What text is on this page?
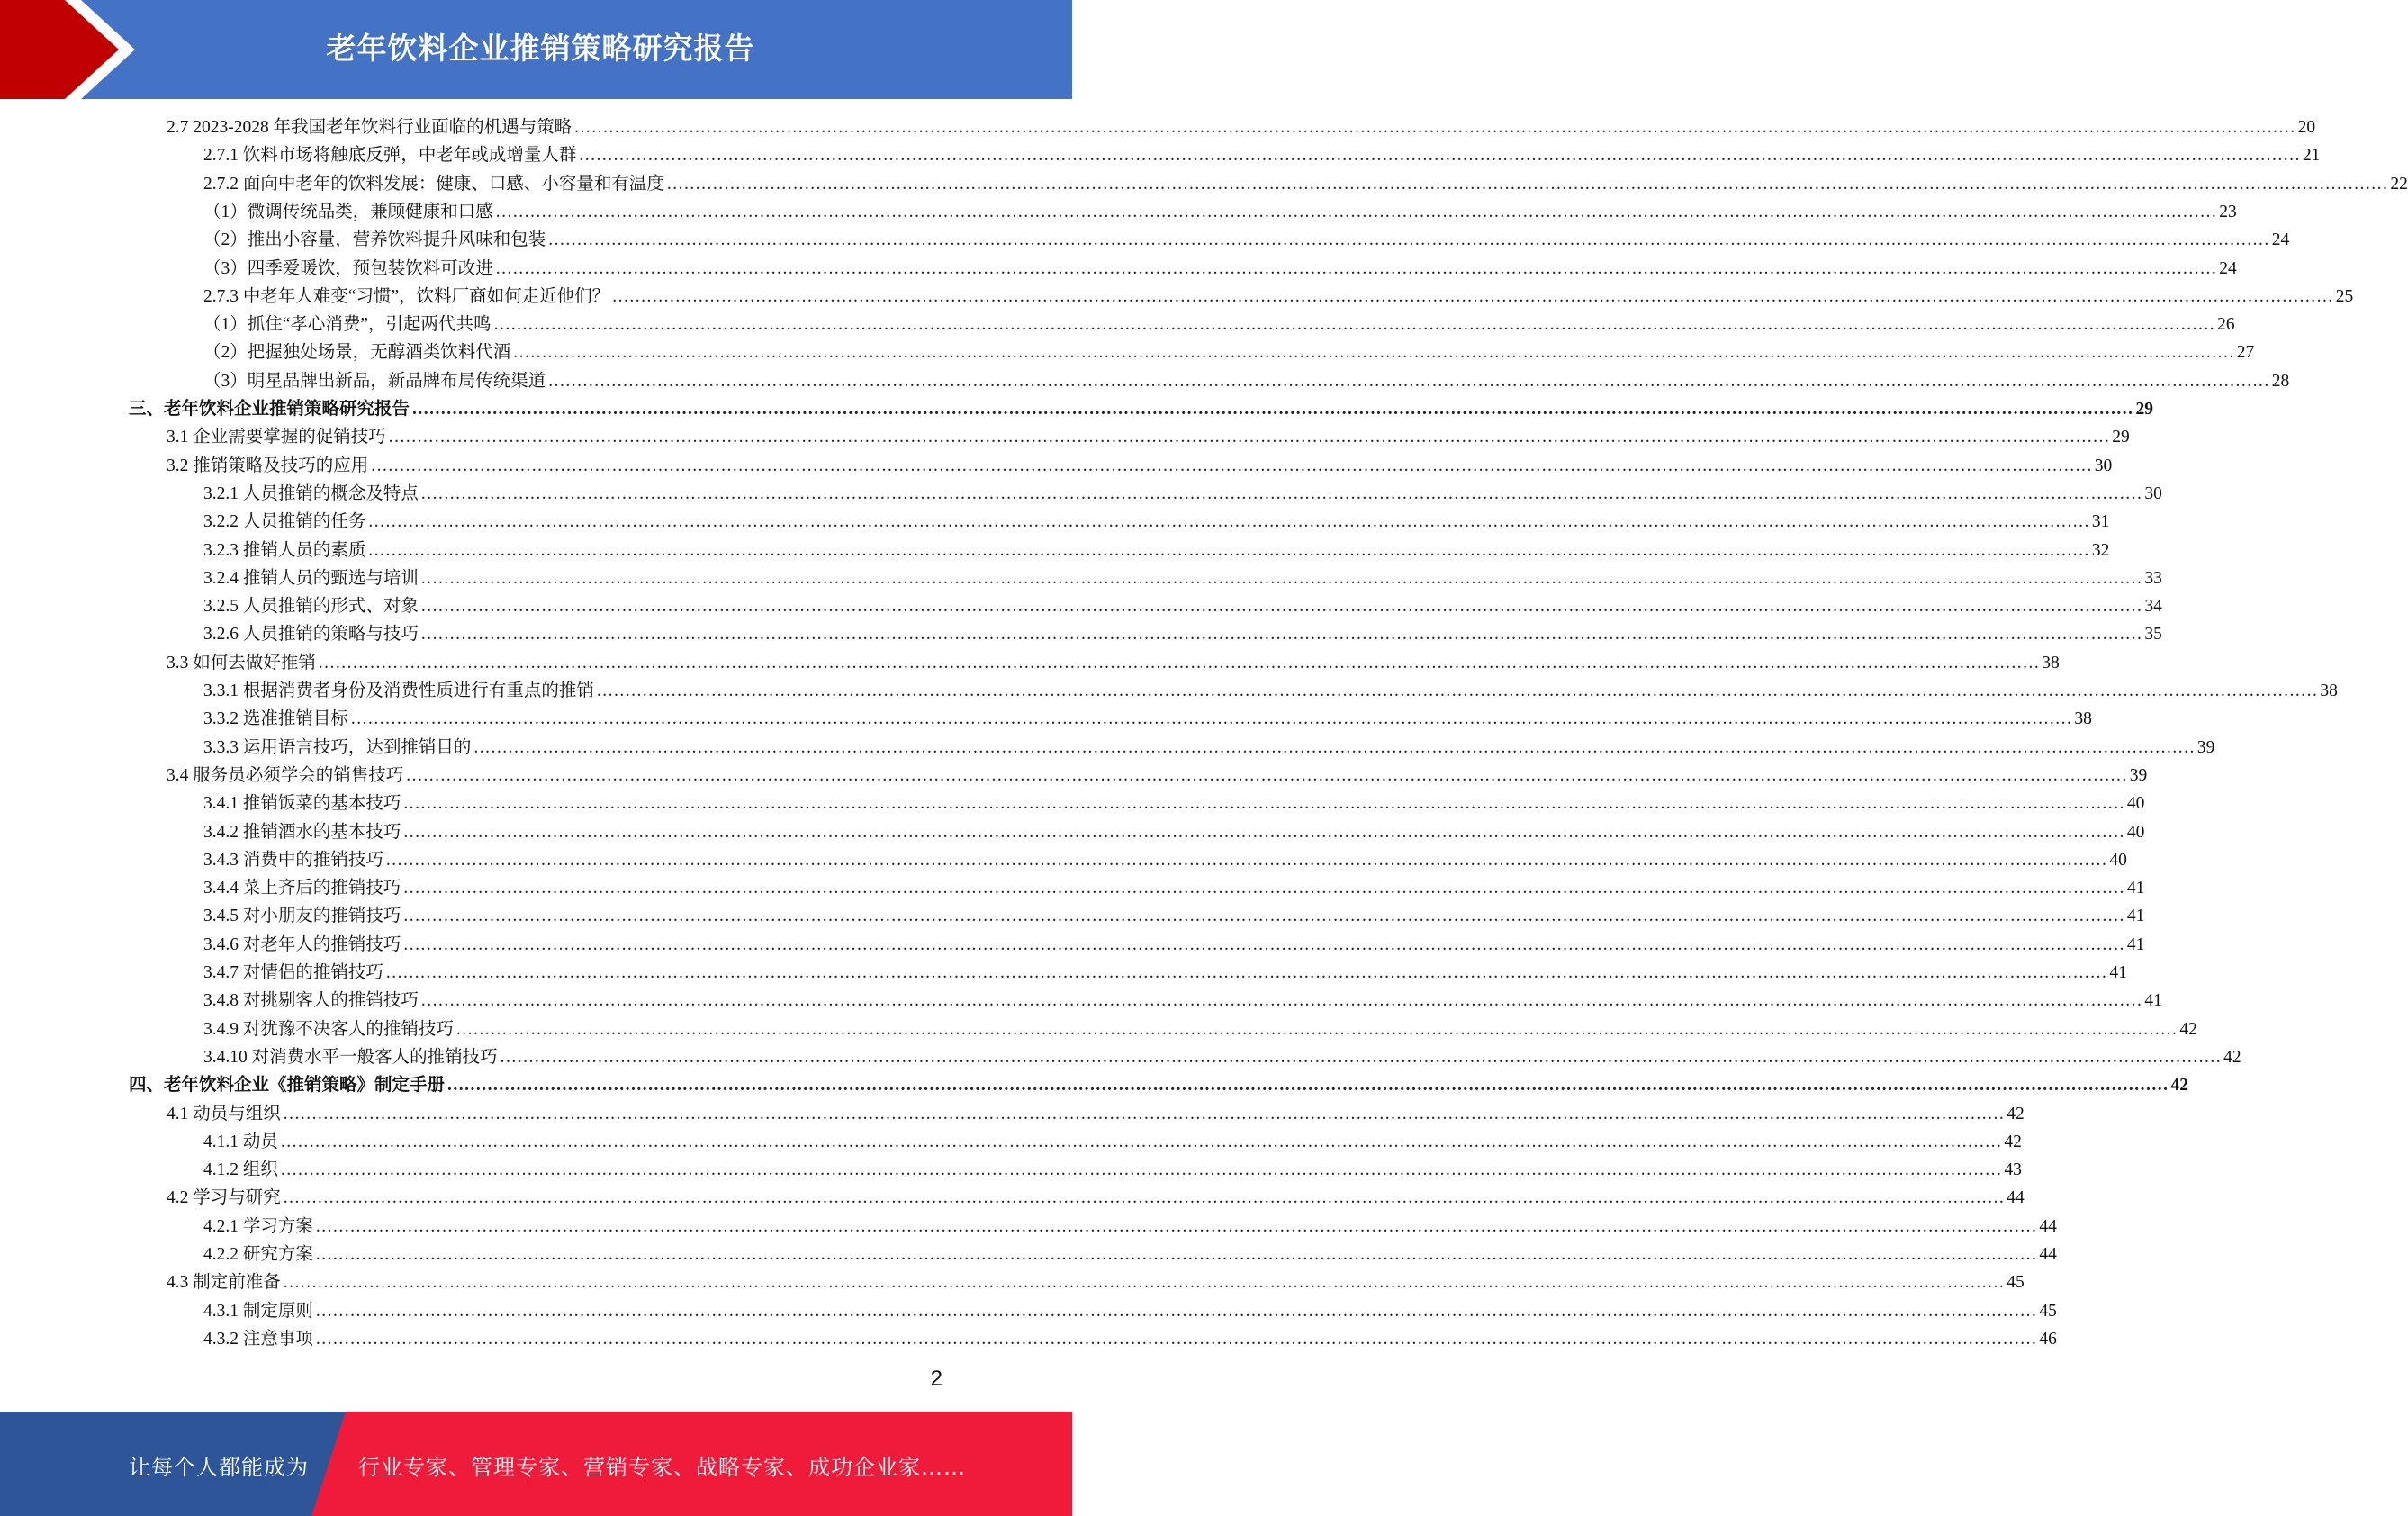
老年饮料企业推销策略研究报告
2.7 2023-2028 年我国老年饮料行业面临的机遇与策略 ............................................................................................................................................................................................................................................................................................................ 20
2.7.1 饮料市场将触底反弹，中老年或成增量人群 ............................................................................................................................................................................................................................................................................................................ 21
2.7.2 面向中老年的饮料发展：健康、口感、小容量和有温度 ............................................................................................................................................................................................................................................................................................................ 22
（1）微调传统品类，兼顾健康和口感 ............................................................................................................................................................................................................................................................................................................ 23
（2）推出小容量，营养饮料提升风味和包装 ............................................................................................................................................................................................................................................................................................................ 24
（3）四季爱暖饮，预包装饮料可改进 ............................................................................................................................................................................................................................................................................................................ 24
2.7.3 中老年人难变“习惯”，饮料厂商如何走近他们？ ............................................................................................................................................................................................................................................................................................................ 25
（1）抓住“孝心消费”，引起两代共鸣 ............................................................................................................................................................................................................................................................................................................ 26
（2）把握独处场景，无醇酒类饮料代酒 ............................................................................................................................................................................................................................................................................................................ 27
（3）明星品牌出新品，新品牌布局传统渠道 ............................................................................................................................................................................................................................................................................................................ 28
三、老年饮料企业推销策略研究报告 ............................................................................................................................................................................................................................................................................................................ 29
3.1 企业需要掌握的促销技巧 ............................................................................................................................................................................................................................................................................................................ 29
3.2 推销策略及技巧的应用 ............................................................................................................................................................................................................................................................................................................ 30
3.2.1 人员推销的概念及特点 ............................................................................................................................................................................................................................................................................................................ 30
3.2.2 人员推销的任务 ............................................................................................................................................................................................................................................................................................................ 31
3.2.3 推销人员的素质 ............................................................................................................................................................................................................................................................................................................ 32
3.2.4 推销人员的甄选与培训 ............................................................................................................................................................................................................................................................................................................ 33
3.2.5 人员推销的形式、对象 ............................................................................................................................................................................................................................................................................................................ 34
3.2.6 人员推销的策略与技巧 ............................................................................................................................................................................................................................................................................................................ 35
3.3 如何去做好推销 ............................................................................................................................................................................................................................................................................................................ 38
3.3.1 根据消费者身份及消费性质进行有重点的推销 ............................................................................................................................................................................................................................................................................................................ 38
3.3.2 选准推销目标 ............................................................................................................................................................................................................................................................................................................ 38
3.3.3 运用语言技巧，达到推销目的 ............................................................................................................................................................................................................................................................................................................ 39
3.4 服务员必须学会的销售技巧 ............................................................................................................................................................................................................................................................................................................ 39
3.4.1 推销饭菜的基本技巧 ............................................................................................................................................................................................................................................................................................................ 40
3.4.2 推销酒水的基本技巧 ............................................................................................................................................................................................................................................................................................................ 40
3.4.3 消费中的推销技巧 ............................................................................................................................................................................................................................................................................................................ 40
3.4.4 菜上齐后的推销技巧 ............................................................................................................................................................................................................................................................................................................ 41
3.4.5 对小朋友的推销技巧 ............................................................................................................................................................................................................................................................................................................ 41
3.4.6 对老年人的推销技巧 ............................................................................................................................................................................................................................................................................................................ 41
3.4.7 对情侣的推销技巧 ............................................................................................................................................................................................................................................................................................................ 41
3.4.8 对挑剔客人的推销技巧 ............................................................................................................................................................................................................................................................................................................ 41
3.4.9 对犹豫不决客人的推销技巧 ............................................................................................................................................................................................................................................................................................................ 42
3.4.10 对消费水平一般客人的推销技巧 ............................................................................................................................................................................................................................................................................................................ 42
四、老年饮料企业《推销策略》制定手册 ............................................................................................................................................................................................................................................................................................................ 42
4.1 动员与组织 ............................................................................................................................................................................................................................................................................................................ 42
4.1.1 动员 ............................................................................................................................................................................................................................................................................................................ 42
4.1.2 组织 ............................................................................................................................................................................................................................................................................................................ 43
4.2 学习与研究 ............................................................................................................................................................................................................................................................................................................ 44
4.2.1 学习方案 ............................................................................................................................................................................................................................................................................................................ 44
4.2.2 研究方案 ............................................................................................................................................................................................................................................................................................................ 44
4.3 制定前准备 ............................................................................................................................................................................................................................................................................................................ 45
4.3.1 制定原则 ............................................................................................................................................................................................................................................................................................................ 45
4.3.2 注意事项 ............................................................................................................................................................................................................................................................................................................ 46
2
让每个人都能成为 行业专家、管理专家、营销专家、战略专家、成功企业家……
